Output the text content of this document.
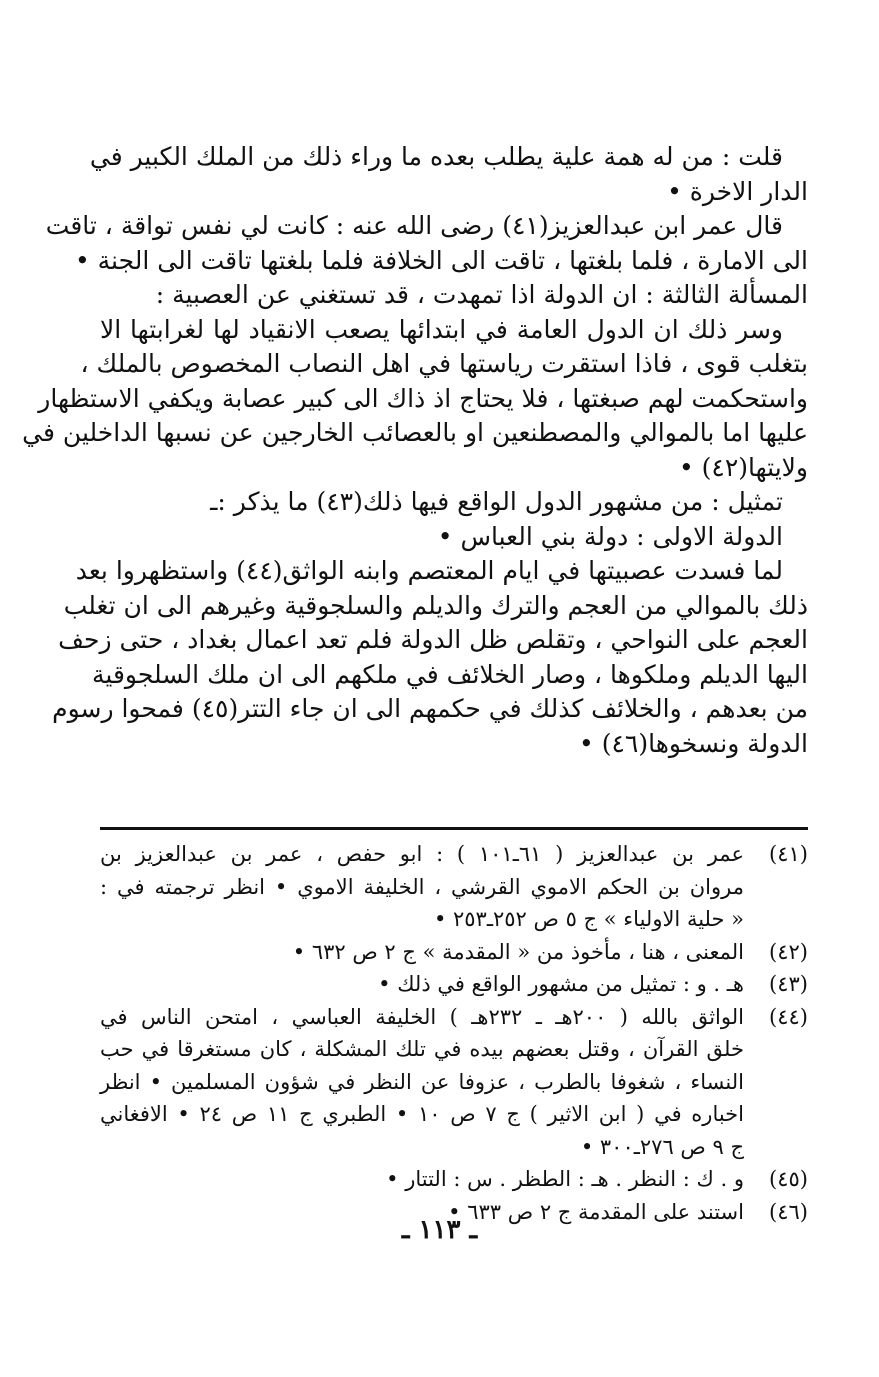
قلت : من له همة علية يطلب بعده ما وراء ذلك من الملك الكبير في
الدار الاخرة •
قال عمر ابن عبدالعزيز(٤١) رضى الله عنه : كانت لي نفس تواقة ، تاقت
الى الامارة ، فلما بلغتها ، تاقت الى الخلافة فلما بلغتها تاقت الى الجنة •
المسألة الثالثة : ان الدولة اذا تمهدت ، قد تستغني عن العصبية :
وسر ذلك ان الدول العامة في ابتدائها يصعب الانقياد لها لغرابتها الا
بتغلب قوى ، فاذا استقرت رياستها في اهل النصاب المخصوص بالملك ،
واستحكمت لهم صبغتها ، فلا يحتاج اذ ذاك الى كبير عصابة ويكفي الاستظهار
عليها اما بالموالي والمصطنعين او بالعصائب الخارجين عن نسبها الداخلين في
ولايتها(٤٢) •
تمثيل : من مشهور الدول الواقع فيها ذلك(٤٣) ما يذكر :ـ
الدولة الاولى : دولة بني العباس •
لما فسدت عصبيتها في ايام المعتصم وابنه الواثق(٤٤) واستظهروا بعد
ذلك بالموالي من العجم والترك والديلم والسلجوقية وغيرهم الى ان تغلب
العجم على النواحي ، وتقلص ظل الدولة فلم تعد اعمال بغداد ، حتى زحف
اليها الديلم وملكوها ، وصار الخلائف في ملكهم الى ان ملك السلجوقية
من بعدهم ، والخلائف كذلك في حكمهم الى ان جاء التتر(٤٥) فمحوا رسوم
الدولة ونسخوها(٤٦) •
(٤١)
عمر بن عبدالعزيز ( ٦١ـ١٠١ ) : ابو حفص ، عمر بن عبدالعزيز بن
مروان بن الحكم الاموي القرشي ، الخليفة الاموي • انظر ترجمته في :
« حلية الاولياء » ج ٥ ص ٢٥٢ـ٢٥٣ •
(٤٢)
المعنى ، هنا ، مأخوذ من « المقدمة » ج ٢ ص ٦٣٢ •
(٤٣)
هـ . و : تمثيل من مشهور الواقع في ذلك •
(٤٤)
الواثق بالله ( ٢٠٠هـ ـ ٢٣٢هـ ) الخليفة العباسي ، امتحن الناس في
خلق القرآن ، وقتل بعضهم بيده في تلك المشكلة ، كان مستغرقا في حب
النساء ، شغوفا بالطرب ، عزوفا عن النظر في شؤون المسلمين • انظر
اخباره في ( ابن الاثير ) ج ٧ ص ١٠ • الطبري ج ١١ ص ٢٤ • الافغاني
ج ٩ ص ٢٧٦ـ٣٠٠ •
(٤٥)
و . ك : النظر . هـ : الطظر . س : التتار •
(٤٦)
استند على المقدمة ج ٢ ص ٦٣٣ •
ـ ١١٣ ـ
